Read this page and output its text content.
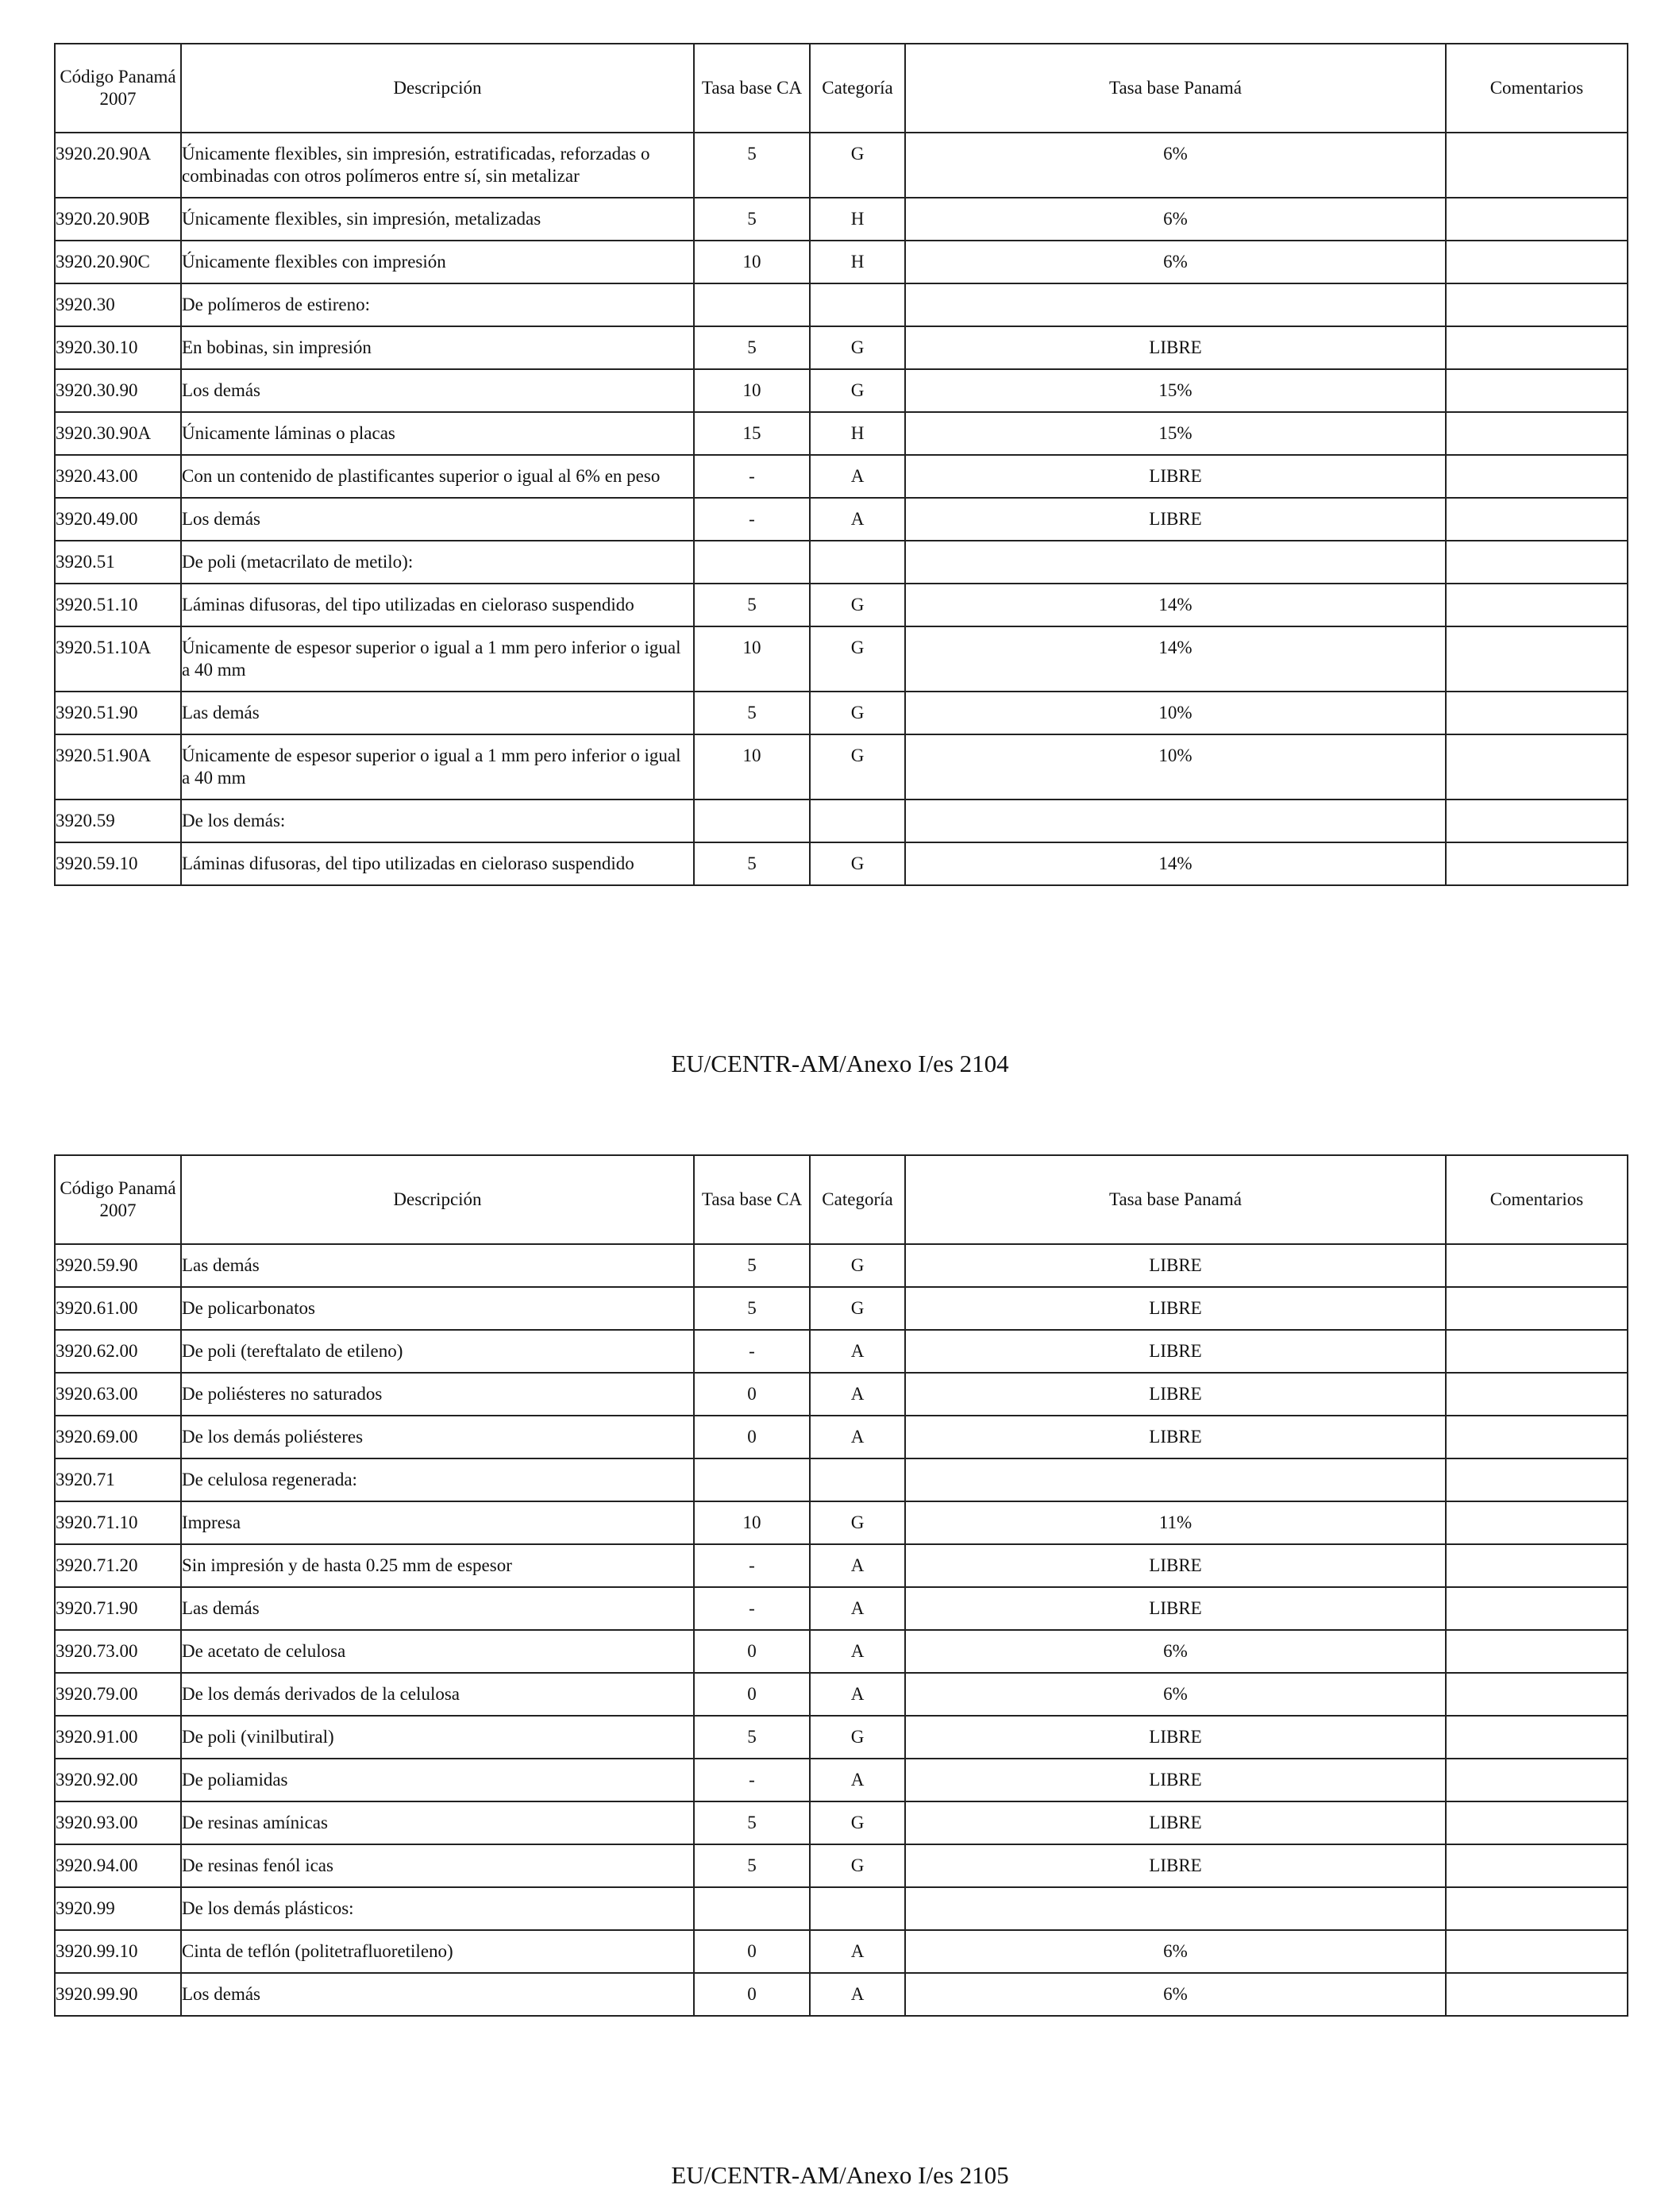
Código Panamá 2007	Descripción	Tasa base CA	Categoría	Tasa base Panamá	Comentarios
3920.20.90A	Únicamente flexibles, sin impresión, estratificadas, reforzadas o combinadas con otros polímeros entre sí, sin metalizar	5	G	6%	
3920.20.90B	Únicamente flexibles, sin impresión, metalizadas	5	H	6%	
3920.20.90C	Únicamente flexibles con impresión	10	H	6%	
3920.30	De polímeros de estireno:				
3920.30.10	En bobinas, sin impresión	5	G	LIBRE	
3920.30.90	Los demás	10	G	15%	
3920.30.90A	Únicamente láminas o placas	15	H	15%	
3920.43.00	Con un contenido de plastificantes superior o igual al 6% en peso	-	A	LIBRE	
3920.49.00	Los demás	-	A	LIBRE	
3920.51	De poli (metacrilato de metilo):				
3920.51.10	Láminas difusoras, del tipo utilizadas en cieloraso suspendido	5	G	14%	
3920.51.10A	Únicamente de espesor superior o igual a 1 mm pero inferior o igual a 40 mm	10	G	14%	
3920.51.90	Las demás	5	G	10%	
3920.51.90A	Únicamente de espesor superior o igual a 1 mm pero inferior o igual a 40 mm	10	G	10%	
3920.59	De los demás:				
3920.59.10	Láminas difusoras, del tipo utilizadas en cieloraso suspendido	5	G	14%	
EU/CENTR-AM/Anexo I/es 2104
Código Panamá 2007	Descripción	Tasa base CA	Categoría	Tasa base Panamá	Comentarios
3920.59.90	Las demás	5	G	LIBRE	
3920.61.00	De policarbonatos	5	G	LIBRE	
3920.62.00	De poli (tereftalato de etileno)	-	A	LIBRE	
3920.63.00	De poliésteres no saturados	0	A	LIBRE	
3920.69.00	De los demás poliésteres	0	A	LIBRE	
3920.71	De celulosa regenerada:				
3920.71.10	Impresa	10	G	11%	
3920.71.20	Sin impresión y de hasta 0.25 mm de espesor	-	A	LIBRE	
3920.71.90	Las demás	-	A	LIBRE	
3920.73.00	De acetato de celulosa	0	A	6%	
3920.79.00	De los demás derivados de la celulosa	0	A	6%	
3920.91.00	De poli (vinilbutiral)	5	G	LIBRE	
3920.92.00	De poliamidas	-	A	LIBRE	
3920.93.00	De resinas amínicas	5	G	LIBRE	
3920.94.00	De resinas fenól icas	5	G	LIBRE	
3920.99	De los demás plásticos:				
3920.99.10	Cinta de teflón (politetrafluoretileno)	0	A	6%	
3920.99.90	Los demás	0	A	6%	
EU/CENTR-AM/Anexo I/es 2105
